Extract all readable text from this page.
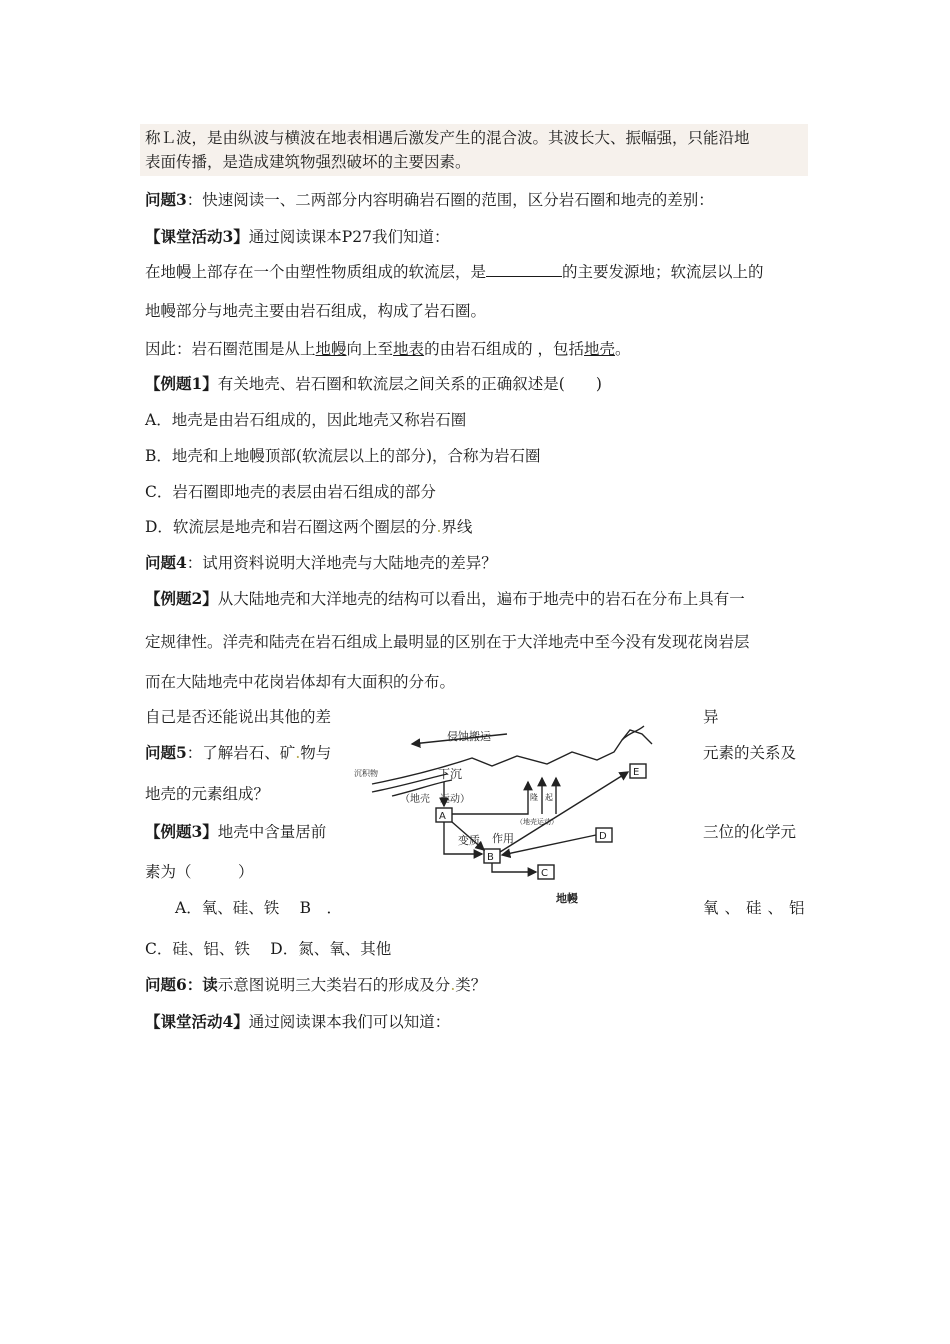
称Ｌ波，是由纵波与横波在地表相遇后激发产生的混合波。其波长大、振幅强，只能沿地
表面传播，是造成建筑物强烈破坏的主要因素。
问题3：快速阅读一、二两部分内容明确岩石圈的范围，区分岩石圈和地壳的差别：
【课堂活动3】通过阅读课本P27我们知道：
在地幔上部存在一个由塑性物质组成的软流层，是	的主要发源地；软流层以上的
地幔部分与地壳主要由岩石组成，构成了岩石圈。
因此：岩石圈范围是从上地幔向上至地表的由岩石组成的 ，包括地壳。
【例题1】有关地壳、岩石圈和软流层之间关系的正确叙述是(　　)
A．地壳是由岩石组成的，因此地壳又称岩石圈
B．地壳和上地幔顶部(软流层以上的部分)，合称为岩石圈
C．岩石圈即地壳的表层由岩石组成的部分
D．软流层是地壳和岩石圈这两个圈层的分.界线
问题4：试用资料说明大洋地壳与大陆地壳的差异？
【例题2】从大陆地壳和大洋地壳的结构可以看出，遍布于地壳中的岩石在分布上具有一
定规律性。洋壳和陆壳在岩石组成上最明显的区别在于大洋地壳中至今没有发现花岗岩层
而在大陆地壳中花岗岩体却有大面积的分布。
自己是否还能说出其他的差	异
问题5：了解岩石、矿.物与	元素的关系及
地壳的元素组成？
【例题3】地壳中含量居前	三位的化学元
素为（　　　）
A．氧、硅、铁　 B　．	氧、硅、铝
C．硅、铝、铁　 D．氮、氧、其他
问题6：读示意图说明三大类岩石的形成及分.类？
【课堂活动4】通过阅读课本我们可以知道：
侵蚀搬运
沉积物	下沉
（地壳　运动）	隆 起
（地壳运动）
变质 作用
地幔
A
B
C
D
E
